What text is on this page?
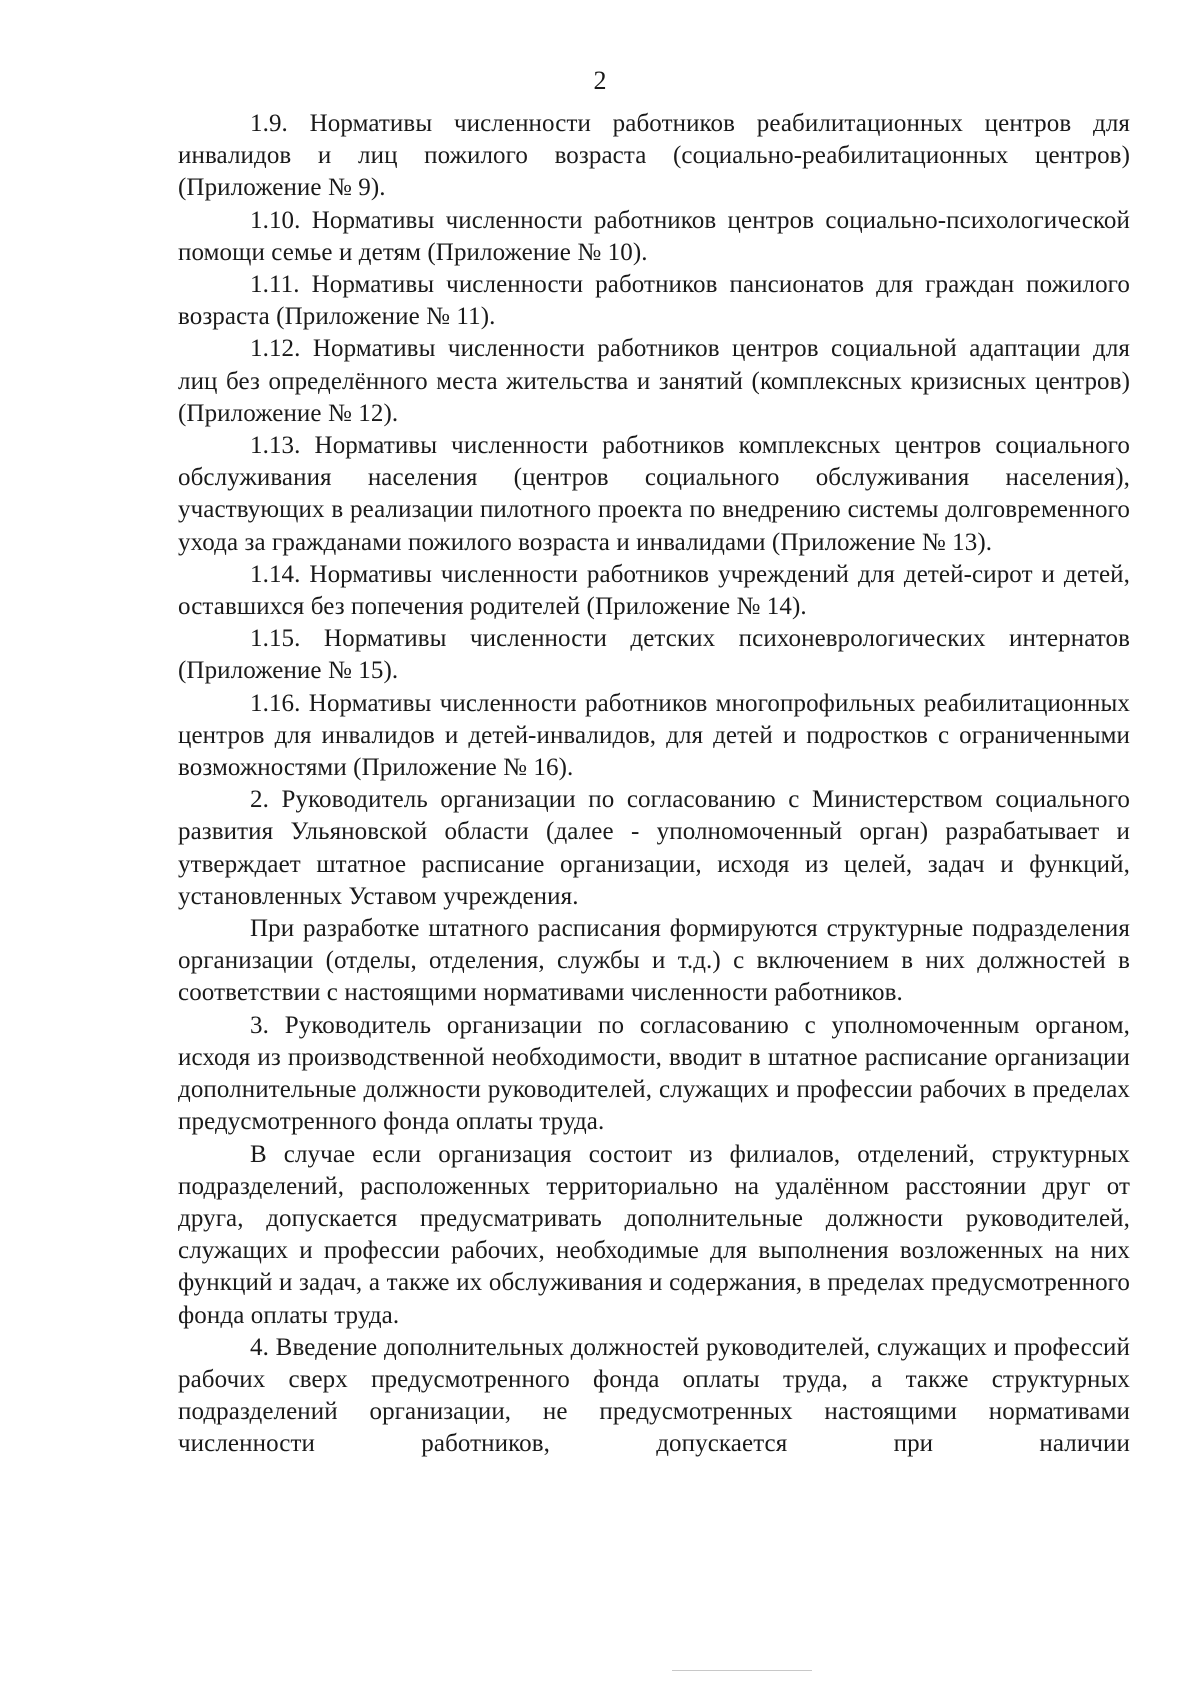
2

1.9. Нормативы численности работников реабилитационных центров для инвалидов и лиц пожилого возраста (социально-реабилитационных центров) (Приложение № 9).

1.10. Нормативы численности работников центров социально-психологической помощи семье и детям (Приложение № 10).

1.11. Нормативы численности работников пансионатов для граждан пожилого возраста (Приложение № 11).

1.12. Нормативы численности работников центров социальной адаптации для лиц без определённого места жительства и занятий (комплексных кризисных центров) (Приложение № 12).

1.13. Нормативы численности работников комплексных центров социального обслуживания населения (центров социального обслуживания населения), участвующих в реализации пилотного проекта по внедрению системы долговременного ухода за гражданами пожилого возраста и инвалидами (Приложение № 13).

1.14. Нормативы численности работников учреждений для детей-сирот и детей, оставшихся без попечения родителей (Приложение № 14).

1.15. Нормативы численности детских психоневрологических интернатов (Приложение № 15).

1.16. Нормативы численности работников многопрофильных реабилитационных центров для инвалидов и детей-инвалидов, для детей и подростков с ограниченными возможностями (Приложение № 16).

2. Руководитель организации по согласованию с Министерством социального развития Ульяновской области (далее - уполномоченный орган) разрабатывает и утверждает штатное расписание организации, исходя из целей, задач и функций, установленных Уставом учреждения.

При разработке штатного расписания формируются структурные подразделения организации (отделы, отделения, службы и т.д.) с включением в них должностей в соответствии с настоящими нормативами численности работников.

3. Руководитель организации по согласованию с уполномоченным органом, исходя из производственной необходимости, вводит в штатное расписание организации дополнительные должности руководителей, служащих и профессии рабочих в пределах предусмотренного фонда оплаты труда.

В случае если организация состоит из филиалов, отделений, структурных подразделений, расположенных территориально на удалённом расстоянии друг от друга, допускается предусматривать дополнительные должности руководителей, служащих и профессии рабочих, необходимые для выполнения возложенных на них функций и задач, а также их обслуживания и содержания, в пределах предусмотренного фонда оплаты труда.

4. Введение дополнительных должностей руководителей, служащих и профессий рабочих сверх предусмотренного фонда оплаты труда, а также структурных подразделений организации, не предусмотренных настоящими нормативами численности работников, допускается при наличии
